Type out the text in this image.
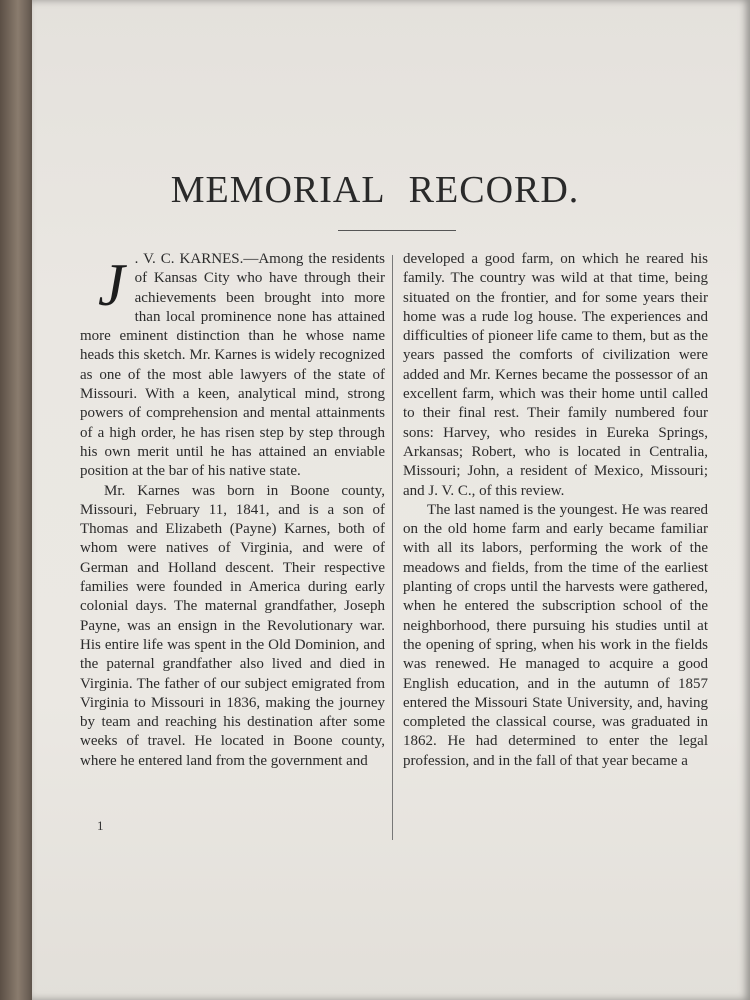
MEMORIAL RECORD.
J . V. C. KARNES.—Among the residents of Kansas City who have through their achievements been brought into more than local prominence none has attained more eminent distinction than he whose name heads this sketch. Mr. Karnes is widely recognized as one of the most able lawyers of the state of Missouri. With a keen, analytical mind, strong powers of comprehension and mental attainments of a high order, he has risen step by step through his own merit until he has attained an enviable position at the bar of his native state.

Mr. Karnes was born in Boone county, Missouri, February 11, 1841, and is a son of Thomas and Elizabeth (Payne) Karnes, both of whom were natives of Virginia, and were of German and Holland descent. Their respective families were founded in America during early colonial days. The maternal grandfather, Joseph Payne, was an ensign in the Revolutionary war. His entire life was spent in the Old Dominion, and the paternal grandfather also lived and died in Virginia. The father of our subject emigrated from Virginia to Missouri in 1836, making the journey by team and reaching his destination after some weeks of travel. He located in Boone county, where he entered land from the government and

developed a good farm, on which he reared his family. The country was wild at that time, being situated on the frontier, and for some years their home was a rude log house. The experiences and difficulties of pioneer life came to them, but as the years passed the comforts of civilization were added and Mr. Kernes became the possessor of an excellent farm, which was their home until called to their final rest. Their family numbered four sons: Harvey, who resides in Eureka Springs, Arkansas; Robert, who is located in Centralia, Missouri; John, a resident of Mexico, Missouri; and J. V. C., of this review.

The last named is the youngest. He was reared on the old home farm and early became familiar with all its labors, performing the work of the meadows and fields, from the time of the earliest planting of crops until the harvests were gathered, when he entered the subscription school of the neighborhood, there pursuing his studies until at the opening of spring, when his work in the fields was renewed. He managed to acquire a good English education, and in the autumn of 1857 entered the Missouri State University, and, having completed the classical course, was graduated in 1862. He had determined to enter the legal profession, and in the fall of that year became a

1
